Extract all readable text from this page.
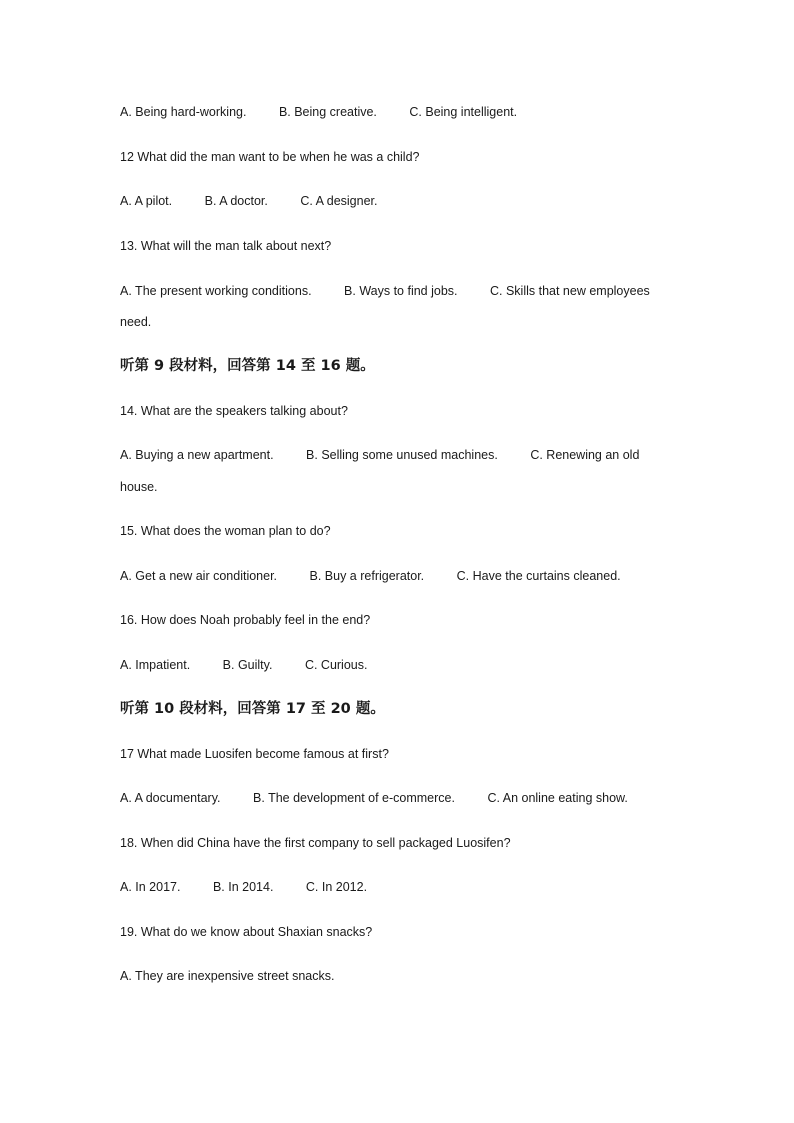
A. Being hard-working.	B. Being creative.	C. Being intelligent.
12 What did the man want to be when he was a child?
A. A pilot.	B. A doctor.	C. A designer.
13. What will the man talk about next?
A. The present working conditions.	B. Ways to find jobs.	C. Skills that new employees
need.
听第 9 段材料，回答第 14 至 16 题。
14. What are the speakers talking about?
A. Buying a new apartment.	B. Selling some unused machines.	C. Renewing an old
house.
15. What does the woman plan to do?
A. Get a new air conditioner.	B. Buy a refrigerator.	C. Have the curtains cleaned.
16. How does Noah probably feel in the end?
A. Impatient.	B. Guilty.	C. Curious.
听第 10 段材料，回答第 17 至 20 题。
17 What made Luosifen become famous at first?
A. A documentary.	B. The development of e-commerce.	C. An online eating show.
18. When did China have the first company to sell packaged Luosifen?
A. In 2017.	B. In 2014.	C. In 2012.
19. What do we know about Shaxian snacks?
A. They are inexpensive street snacks.
